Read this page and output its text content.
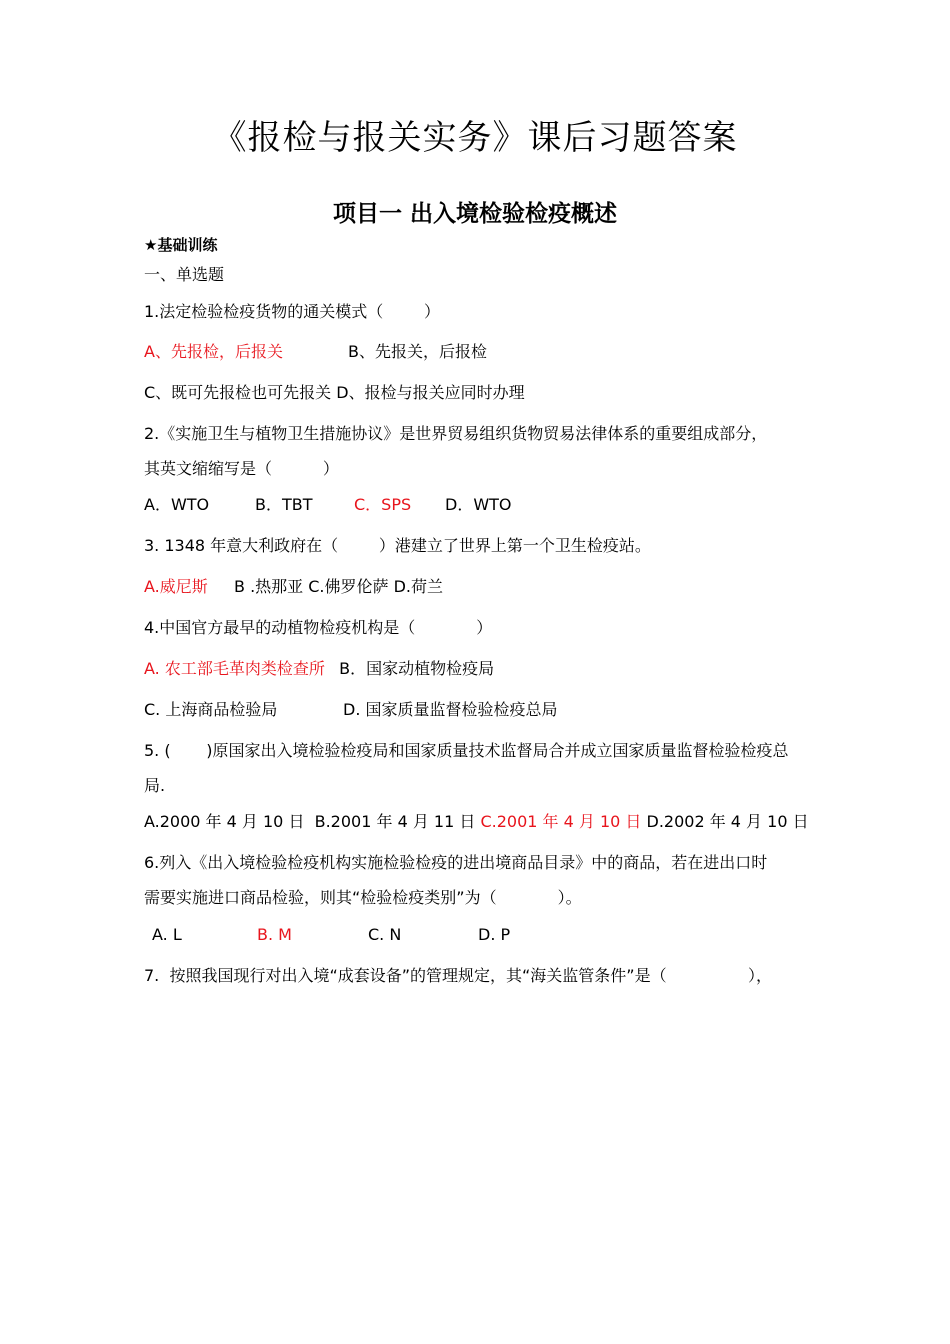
《报检与报关实务》课后习题答案
项目一 出入境检验检疫概述
★基础训练
一、单选题
1.法定检验检疫货物的通关模式（        ）

A、先报检，后报关

	B、先报关，后报检

C、既可先报检也可先报关 D、报检与报关应同时办理
2.《实施卫生与植物卫生措施协议》是世界贸易组织货物贸易法律体系的重要组成部分，
其英文缩缩写是（          ）

A．WTO

	B．TBT

	C．SPS

D．WTO

3. 1348 年意大利政府在（        ）港建立了世界上第一个卫生检疫站。

A.威尼斯

B .热那亚 C.佛罗伦萨 D.荷兰

4.中国官方最早的动植物检疫机构是（            ）

A. 农工部毛革肉类检查所

B．国家动植物检疫局

C. 上海商品检验局

	D. 国家质量监督检验检疫总局

5. (       )原国家出入境检验检疫局和国家质量技术监督局合并成立国家质量监督检验检疫总
局.
A.2000 年 4 月 10 日  B.2001 年 4 月 11 日 C.2001 年 4 月 10 日 D.2002 年 4 月 10 日
6.列入《出入境检验检疫机构实施检验检疫的进出境商品目录》中的商品，若在进出口时
需要实施进口商品检验，则其“检验检疫类别”为（            ）。

A. L

	B. M

	C. N

	D. P

7.  按照我国现行对出入境“成套设备”的管理规定，其“海关监管条件”是（                ），
